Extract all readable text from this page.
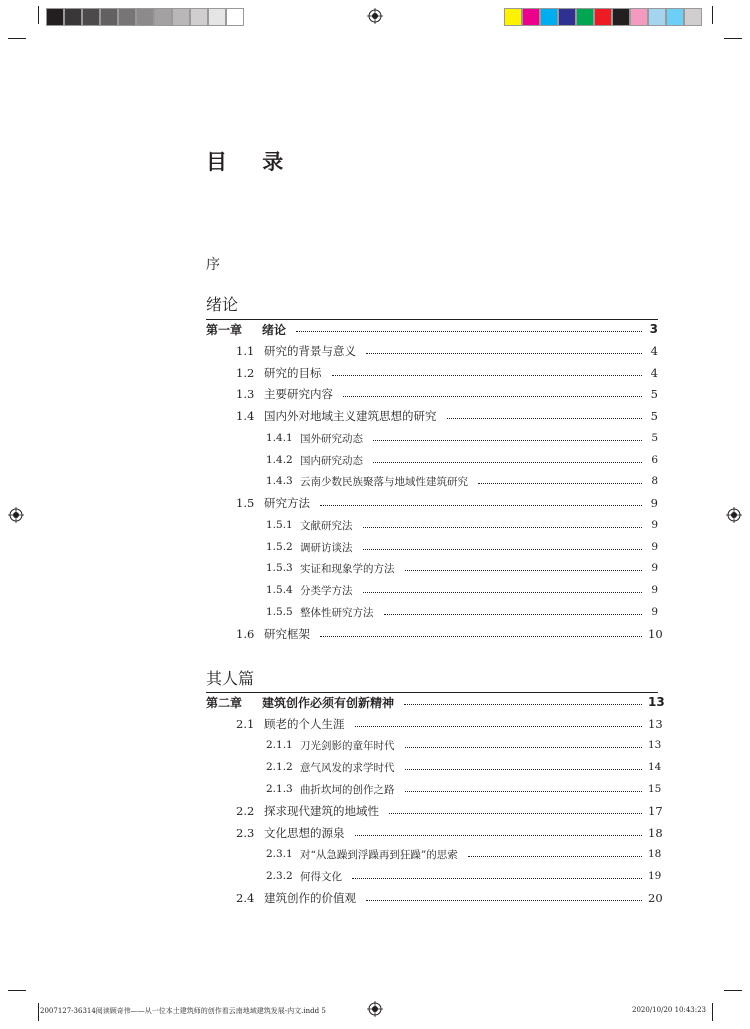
目 录
序
绪论
其人篇
第一章	绪论	3
1.1 研究的背景与意义	4
1.2 研究的目标	4
1.3 主要研究内容	5
1.4 国内外对地域主义建筑思想的研究	5
1.4.1 国外研究动态	5
1.4.2 国内研究动态	6
1.4.3 云南少数民族聚落与地域性建筑研究	8
1.5 研究方法	9
1.5.1 文献研究法	9
1.5.2 调研访谈法	9
1.5.3 实证和现象学的方法	9
1.5.4 分类学方法	9
1.5.5 整体性研究方法	9
1.6 研究框架	10
第二章	建筑创作必须有创新精神	13
2.1 顾老的个人生涯	13
2.1.1 刀光剑影的童年时代	13
2.1.2 意气风发的求学时代	14
2.1.3 曲折坎坷的创作之路	15
2.2 探求现代建筑的地域性	17
2.3 文化思想的源泉	18
2.3.1 对“从急躁到浮躁再到狂躁”的思索	18
2.3.2 何得文化	19
2.4 建筑创作的价值观	20
2007127-36314阅读顾奇伟——从一位本土建筑师的创作看云南地域建筑发展-内文.indd 5	2020/10/20 10:43:23
